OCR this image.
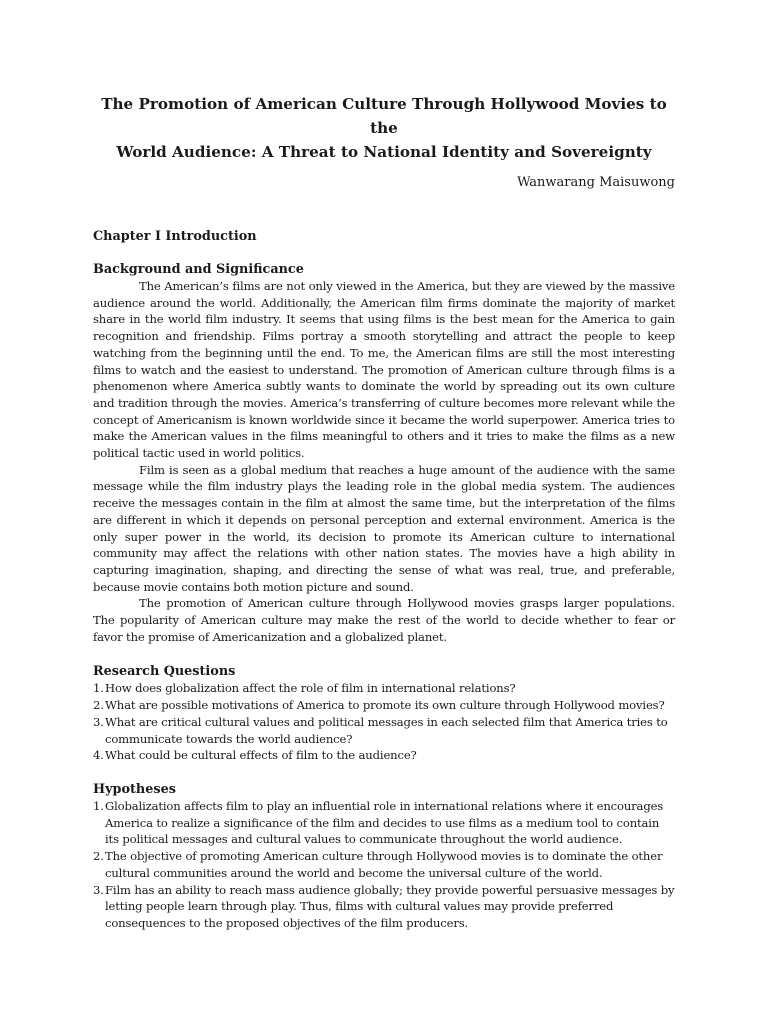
The Promotion of American Culture Through Hollywood Movies to the
World Audience: A Threat to National Identity and Sovereignty
Wanwarang Maisuwong
Chapter I Introduction
Background and Significance

The American’s films are not only viewed in the America, but they are viewed by the massive audience around the world. Additionally, the American film firms dominate the majority of market share in the world film industry. It seems that using films is the best mean for the America to gain recognition and friendship. Films portray a smooth storytelling and attract the people to keep watching from the beginning until the end. To me, the American films are still the most interesting films to watch and the easiest to understand. The promotion of American culture through films is a phenomenon where America subtly wants to dominate the world by spreading out its own culture and tradition through the movies. America’s transferring of culture becomes more relevant while the concept of Americanism is known worldwide since it became the world superpower. America tries to make the American values in the films meaningful to others and it tries to make the films as a new political tactic used in world politics.

Film is seen as a global medium that reaches a huge amount of the audience with the same message while the film industry plays the leading role in the global media system. The audiences receive the messages contain in the film at almost the same time, but the interpretation of the films are different in which it depends on personal perception and external environment. America is the only super power in the world, its decision to promote its American culture to international community may affect the relations with other nation states. The movies have a high ability in capturing imagination, shaping, and directing the sense of what was real, true, and preferable, because movie contains both motion picture and sound.

The promotion of American culture through Hollywood movies grasps larger populations. The popularity of American culture may make the rest of the world to decide whether to fear or favor the promise of Americanization and a globalized planet.

Research Questions
1. How does globalization affect the role of film in international relations?
2. What are possible motivations of America to promote its own culture through Hollywood movies?
3. What are critical cultural values and political messages in each selected film that America tries to communicate towards the world audience?
4. What could be cultural effects of film to the audience?
Hypotheses
1. Globalization affects film to play an influential role in international relations where it encourages America to realize a significance of the film and decides to use films as a medium tool to contain its political messages and cultural values to communicate throughout the world audience.
2. The objective of promoting American culture through Hollywood movies is to dominate the other cultural communities around the world and become the universal culture of the world.
3. Film has an ability to reach mass audience globally; they provide powerful persuasive messages by letting people learn through play. Thus, films with cultural values may provide preferred consequences to the proposed objectives of the film producers.
